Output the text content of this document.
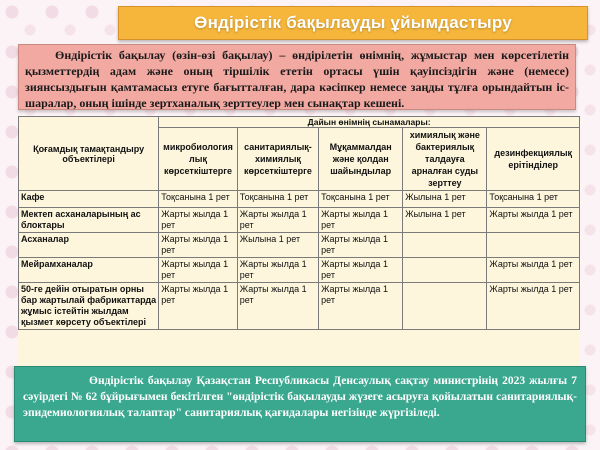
Өндірістік бақылауды ұйымдастыру
Өндірістік бақылау (өзін-өзі бақылау) – өндірілетін өнімнің, жұмыстар мен көрсетілетін қызметтердің адам және оның тіршілік ететін ортасы үшін қауіпсіздігін және (немесе) зиянсыздығын қамтамасыз етуге бағытталған, дара кәсіпкер немесе заңды тұлға орындайтын іс-шаралар, оның ішінде зертханалық зерттеулер мен сынақтар кешені.
Қоғамдық тамақтандыру объектілері	Дайын өнімнің сынамалары:				
	микробиология лық көрсеткіштерге	санитариялық-химиялық көрсеткіштерге	Мұқаммалдан және қолдан шайындылар	химиялық және бактериялық талдауға арналған суды зерттеу	дезинфекциялық ерітінділер
Кафе	Тоқсанына 1 рет	Тоқсанына 1 рет	Тоқсанына 1 рет	Жылына 1 рет	Тоқсанына 1 рет
Мектеп асханаларының ас блоктары	Жарты жылда 1 рет	Жарты жылда 1 рет	Жарты жылда 1 рет	Жылына 1 рет	Жарты жылда 1 рет
Асханалар	Жарты жылда 1 рет	Жылына 1 рет	Жарты жылда 1 рет		
Мейрамханалар	Жарты жылда 1 рет	Жарты жылда 1 рет	Жарты жылда 1 рет		Жарты жылда 1 рет
50-ге дейін отыратын орны бар жартылай фабрикаттарда жұмыс істейтін жылдам қызмет көрсету объектілері	Жарты жылда 1 рет	Жарты жылда 1 рет	Жарты жылда 1 рет		Жарты жылда 1 рет
Өндірістік бақылау Қазақстан Республикасы Денсаулық сақтау министрінің 2023 жылғы 7 сәуірдегі № 62 бұйрығымен бекітілген "өндірістік бақылауды жүзеге асыруға қойылатын санитариялық-эпидемиологиялық талаптар" санитариялық қағидалары негізінде жүргізіледі.
